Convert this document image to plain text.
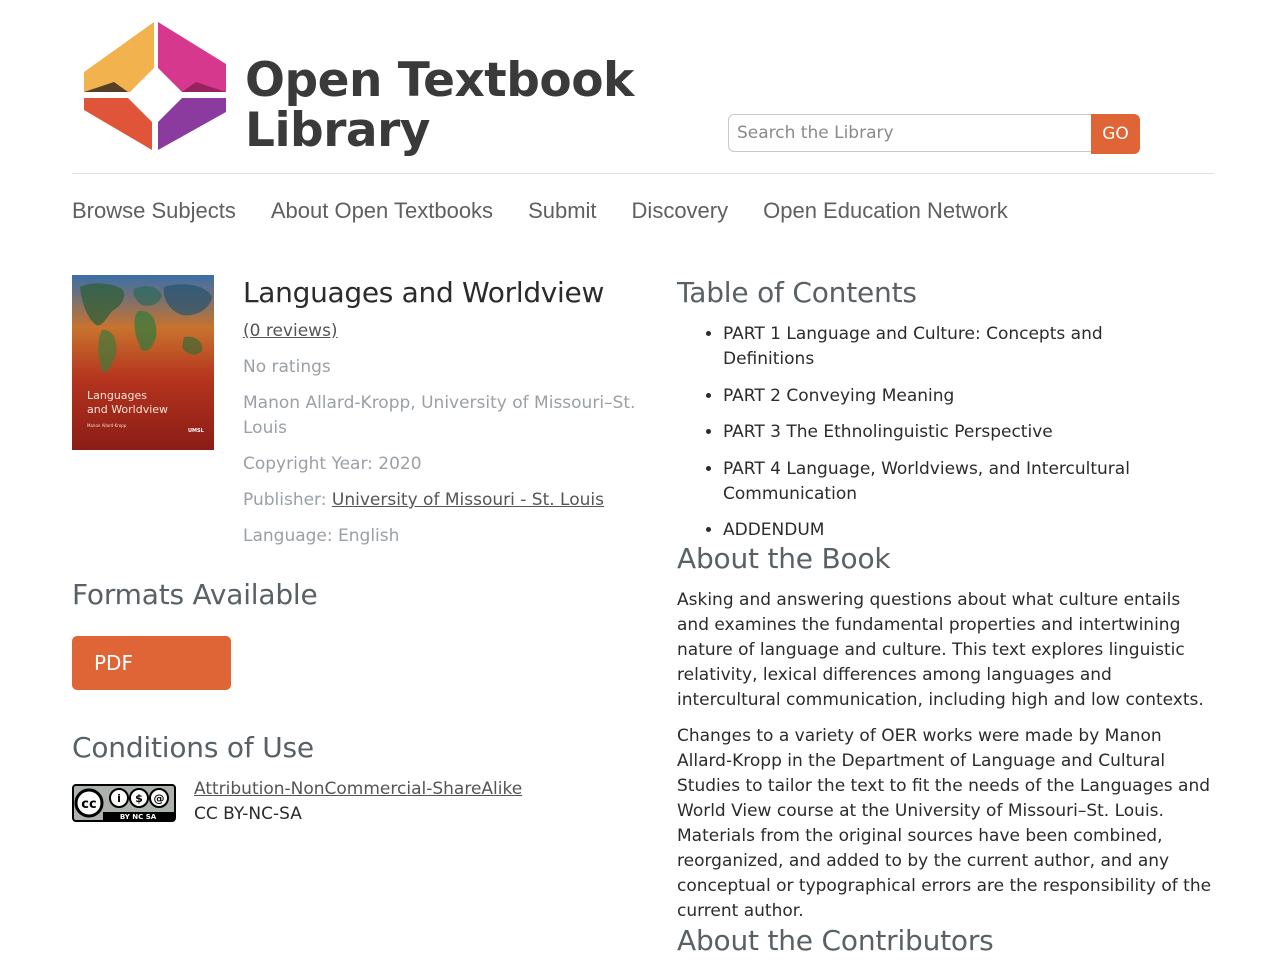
Open Textbook
Library
Search the Library	GO
Browse Subjects About Open Textbooks Submit Discovery Open Education Network
Languages
and Worldview
Manon Allard-Kropp
UMSL
Languages and Worldview
(0 reviews)
No ratings
Manon Allard-Kropp, University of Missouri–St. Louis
Copyright Year: 2020
Publisher: University of Missouri - St. Louis
Language: English
Formats Available
PDF
Conditions of Use
cc i $ @
BY NC SA
Attribution-NonCommercial-ShareAlike
CC BY-NC-SA
Table of Contents
• PART 1 Language and Culture: Concepts and Definitions
• PART 2 Conveying Meaning
• PART 3 The Ethnolinguistic Perspective
• PART 4 Language, Worldviews, and Intercultural Communication
• ADDENDUM
About the Book

Asking and answering questions about what culture entails and examines the fundamental properties and intertwining nature of language and culture. This text explores linguistic relativity, lexical differences among languages and intercultural communication, including high and low contexts.

Changes to a variety of OER works were made by Manon Allard-Kropp in the Department of Language and Cultural Studies to tailor the text to fit the needs of the Languages and World View course at the University of Missouri–St. Louis. Materials from the original sources have been combined, reorganized, and added to by the current author, and any conceptual or typographical errors are the responsibility of the current author.

About the Contributors
